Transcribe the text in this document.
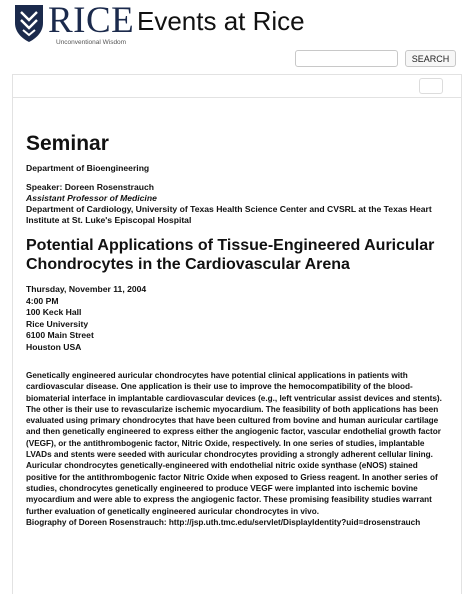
RICE
Unconventional Wisdom
Events at Rice
SEARCH
Seminar

Department of Bioengineering

Speaker: Doreen Rosenstrauch

Assistant Professor of Medicine

Department of Cardiology, University of Texas Health Science Center and CVSRL at the Texas Heart Institute at St. Luke's Episcopal Hospital

Potential Applications of Tissue-Engineered Auricular Chondrocytes in the Cardiovascular Arena
Thursday, November 11, 2004
4:00 PM
100 Keck Hall
Rice University
6100 Main Street
Houston USA

Genetically engineered auricular chondrocytes have potential clinical applications in patients with cardiovascular disease. One application is their use to improve the hemocompatibility of the blood-biomaterial interface in implantable cardiovascular devices (e.g., left ventricular assist devices and stents). The other is their use to revascularize ischemic myocardium. The feasibility of both applications has been evaluated using primary chondrocytes that have been cultured from bovine and human auricular cartilage and then genetically engineered to express either the angiogenic factor, vascular endothelial growth factor (VEGF), or the antithrombogenic factor, Nitric Oxide, respectively. In one series of studies, implantable LVADs and stents were seeded with auricular chondrocytes providing a strongly adherent cellular lining. Auricular chondrocytes genetically-engineered with endothelial nitric oxide synthase (eNOS) stained positive for the antithrombogenic factor Nitric Oxide when exposed to Griess reagent. In another series of studies, chondrocytes genetically engineered to produce VEGF were implanted into ischemic bovine myocardium and were able to express the angiogenic factor. These promising feasibility studies warrant further evaluation of genetically engineered auricular chondrocytes in vivo.

Biography of Doreen Rosenstrauch: http://jsp.uth.tmc.edu/servlet/DisplayIdentity?uid=drosenstrauch
